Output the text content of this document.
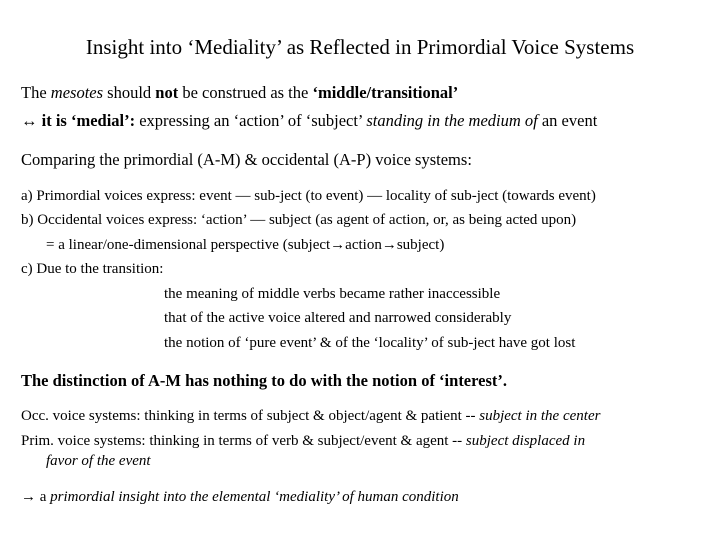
Insight into ‘Mediality’ as Reflected in Primordial Voice Systems
The mesotes should not be construed as the ‘middle/transitional’
↔ it is ‘medial’: expressing an ‘action’ of ‘subject’ standing in the medium of an event
Comparing the primordial (A-M) & occidental (A-P) voice systems:
a) Primordial voices express: event — sub-ject (to event) — locality of sub-ject (towards event)
b) Occidental voices express: ‘action’ — subject (as agent of action, or, as being acted upon)
= a linear/one-dimensional perspective (subject→action→subject)
c) Due to the transition:
the meaning of middle verbs became rather inaccessible
that of the active voice altered and narrowed considerably
the notion of ‘pure event’ & of the ‘locality’ of sub-ject have got lost
The distinction of A-M has nothing to do with the notion of ‘interest’.
Occ. voice systems: thinking in terms of subject & object/agent & patient -- subject in the center
Prim. voice systems: thinking in terms of verb & subject/event & agent -- subject displaced in
favor of the event
→ a primordial insight into the elemental ‘mediality’ of human condition
